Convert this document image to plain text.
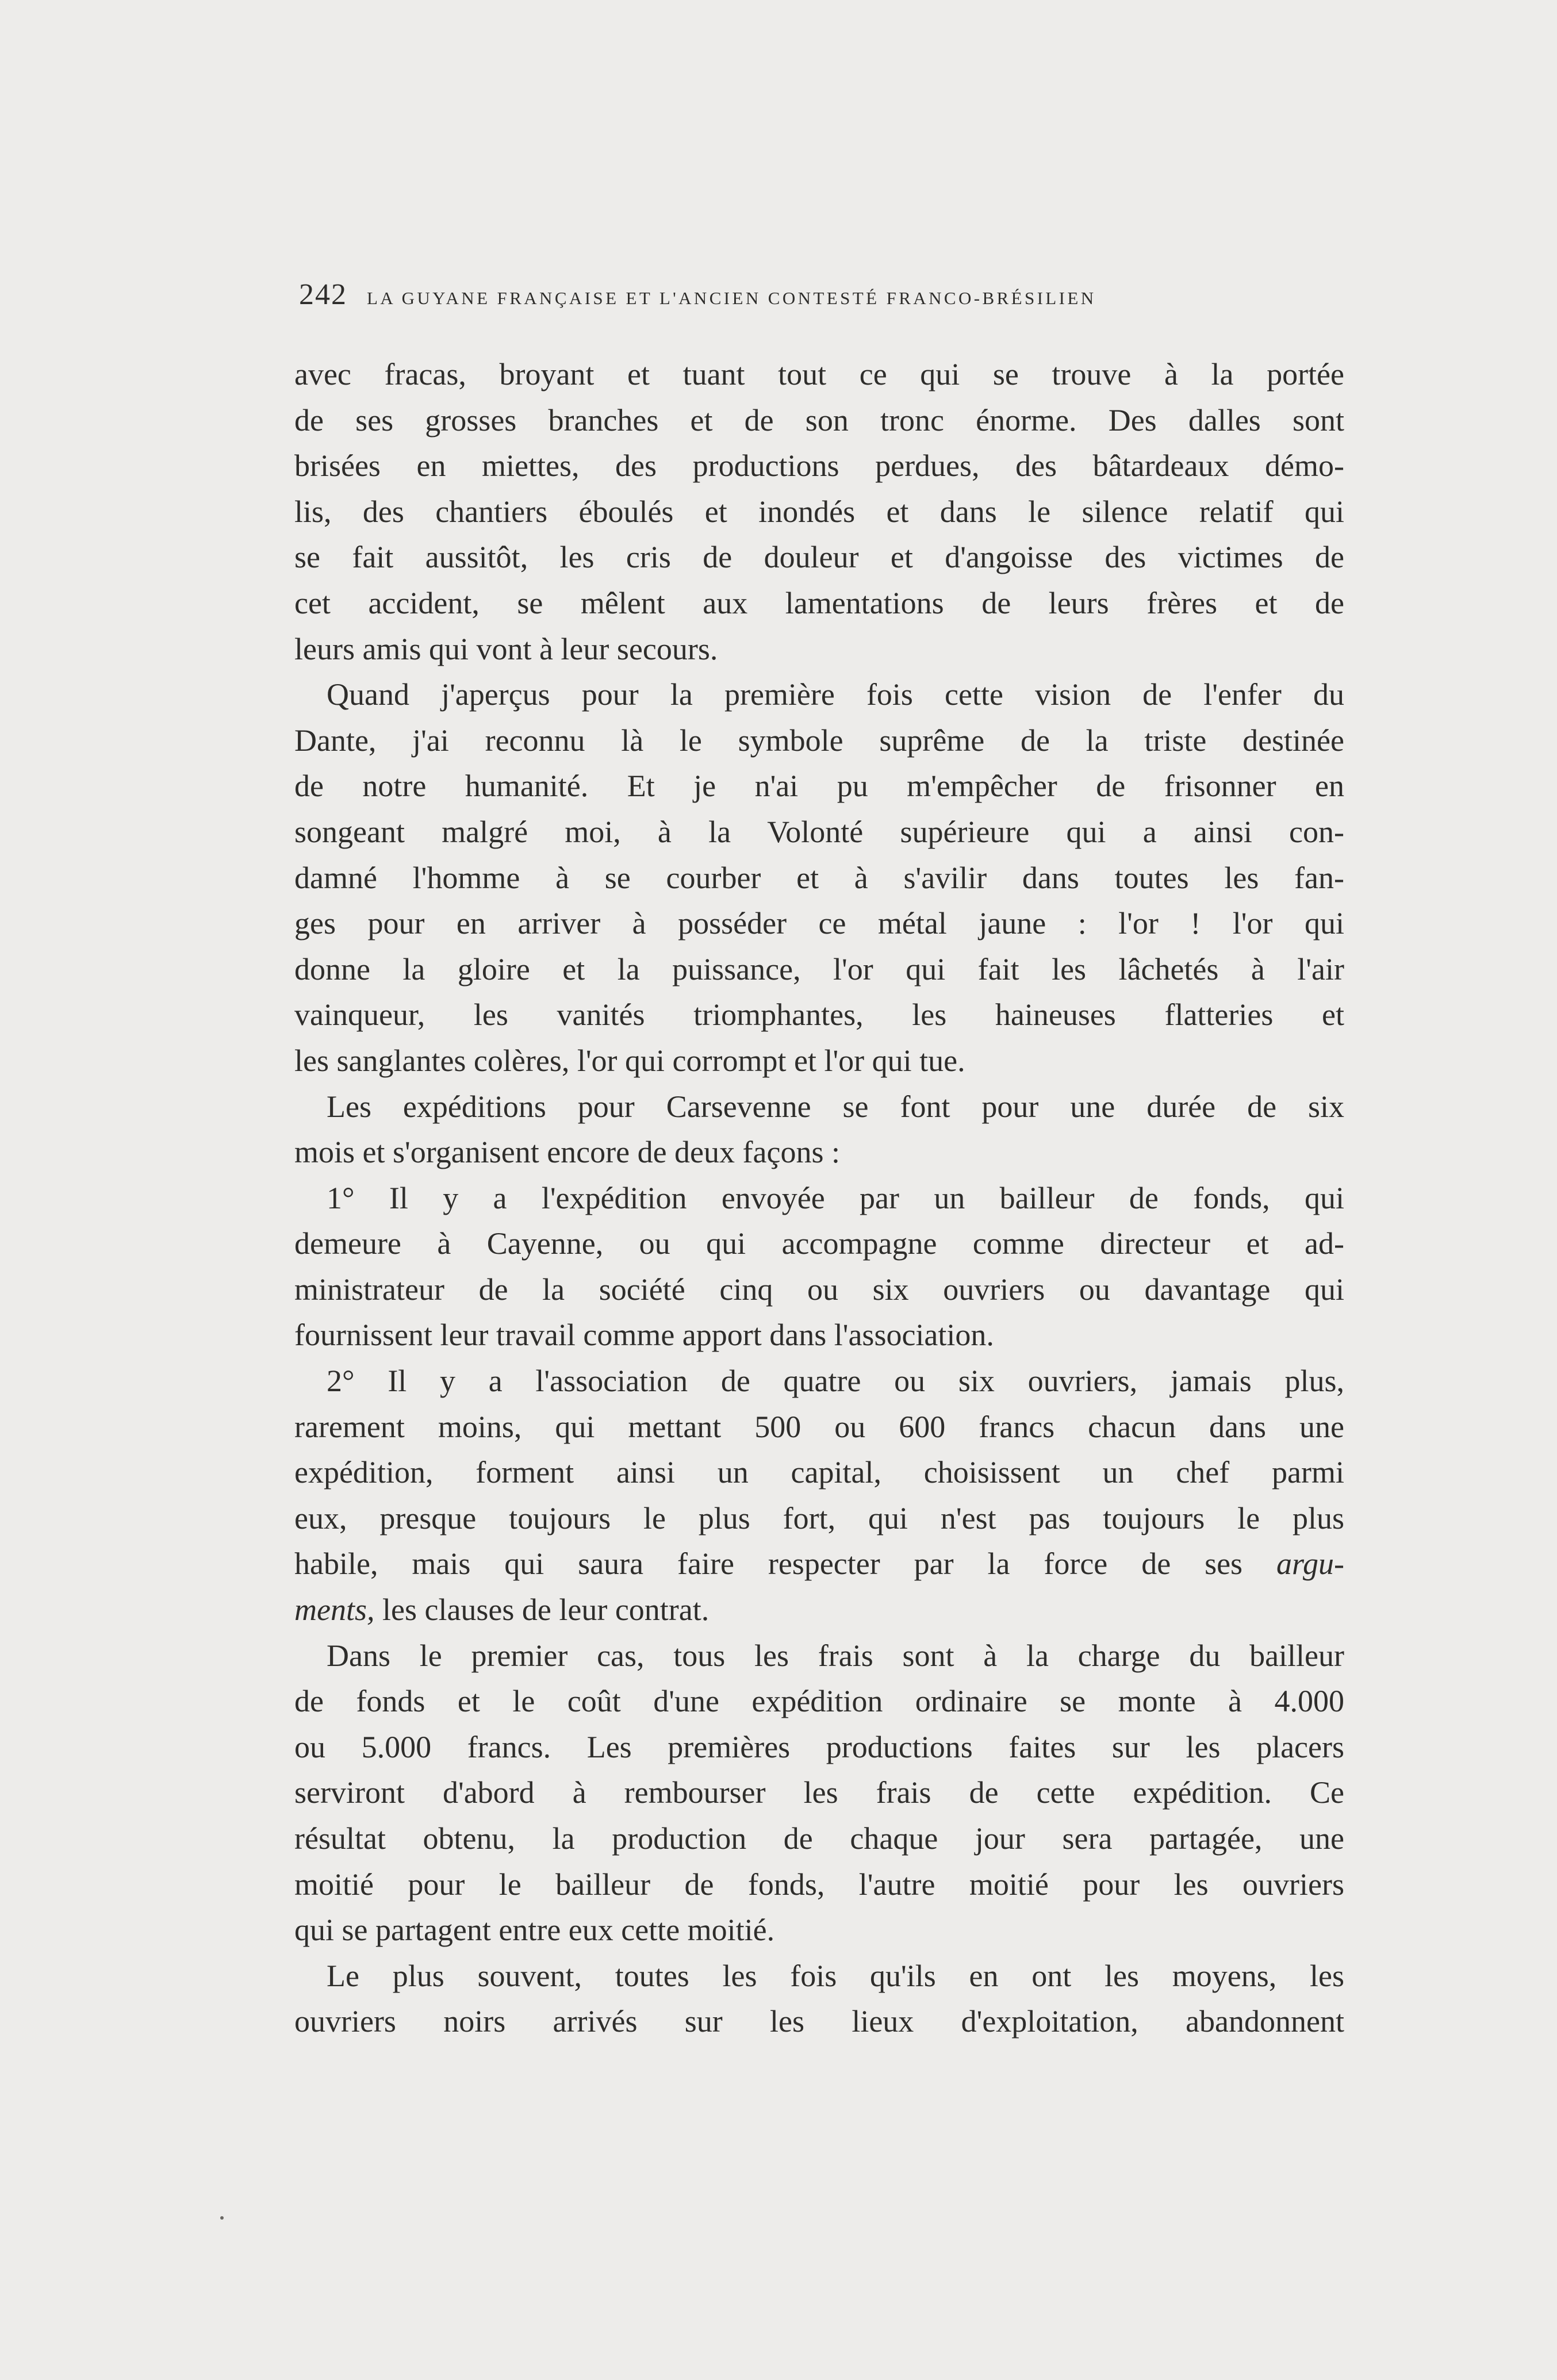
242 LA GUYANE FRANÇAISE ET L'ANCIEN CONTESTÉ FRANCO-BRÉSILIEN
avec fracas, broyant et tuant tout ce qui se trouve à la portée
de ses grosses branches et de son tronc énorme. Des dalles sont
brisées en miettes, des productions perdues, des bâtardeaux démo-
lis, des chantiers éboulés et inondés et dans le silence relatif qui
se fait aussitôt, les cris de douleur et d'angoisse des victimes de
cet accident, se mêlent aux lamentations de leurs frères et de
leurs amis qui vont à leur secours.
Quand j'aperçus pour la première fois cette vision de l'enfer du
Dante, j'ai reconnu là le symbole suprême de la triste destinée
de notre humanité. Et je n'ai pu m'empêcher de frisonner en
songeant malgré moi, à la Volonté supérieure qui a ainsi con-
damné l'homme à se courber et à s'avilir dans toutes les fan-
ges pour en arriver à posséder ce métal jaune : l'or ! l'or qui
donne la gloire et la puissance, l'or qui fait les lâchetés à l'air
vainqueur, les vanités triomphantes, les haineuses flatteries et
les sanglantes colères, l'or qui corrompt et l'or qui tue.
Les expéditions pour Carsevenne se font pour une durée de six
mois et s'organisent encore de deux façons :
1° Il y a l'expédition envoyée par un bailleur de fonds, qui
demeure à Cayenne, ou qui accompagne comme directeur et ad-
ministrateur de la société cinq ou six ouvriers ou davantage qui
fournissent leur travail comme apport dans l'association.
2° Il y a l'association de quatre ou six ouvriers, jamais plus,
rarement moins, qui mettant 500 ou 600 francs chacun dans une
expédition, forment ainsi un capital, choisissent un chef parmi
eux, presque toujours le plus fort, qui n'est pas toujours le plus
habile, mais qui saura faire respecter par la force de ses argu-
ments, les clauses de leur contrat.
Dans le premier cas, tous les frais sont à la charge du bailleur
de fonds et le coût d'une expédition ordinaire se monte à 4.000
ou 5.000 francs. Les premières productions faites sur les placers
serviront d'abord à rembourser les frais de cette expédition. Ce
résultat obtenu, la production de chaque jour sera partagée, une
moitié pour le bailleur de fonds, l'autre moitié pour les ouvriers
qui se partagent entre eux cette moitié.
Le plus souvent, toutes les fois qu'ils en ont les moyens, les
ouvriers noirs arrivés sur les lieux d'exploitation, abandonnent
